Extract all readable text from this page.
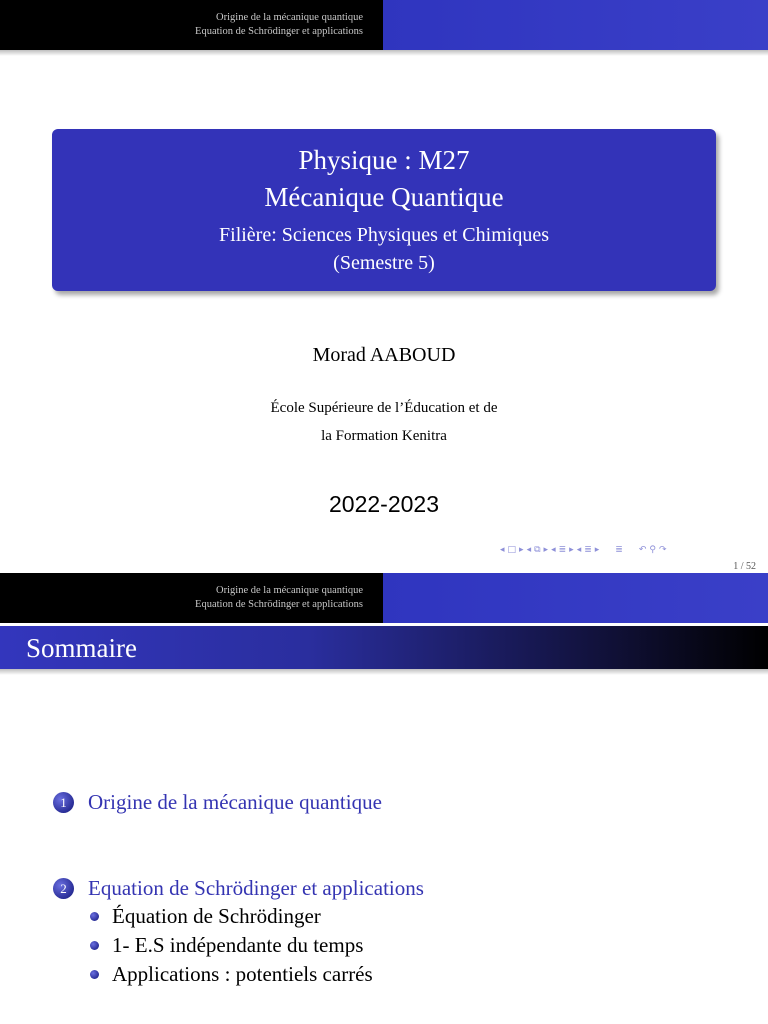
Origine de la mécanique quantique
Equation de Schrödinger et applications
Physique : M27
Mécanique Quantique
Filière: Sciences Physiques et Chimiques
(Semestre 5)
Morad AABOUD
École Supérieure de l’Éducation et de
la Formation Kenitra
2022-2023
◂ □ ▸ ◂ ⧉ ▸ ◂ ≣ ▸ ◂ ≣ ▸ ≣ ↶ ⚲ ↷
1 / 52
Origine de la mécanique quantique
Equation de Schrödinger et applications
Sommaire
1	Origine de la mécanique quantique
2	Equation de Schrödinger et applications
Équation de Schrödinger
1- E.S indépendante du temps
Applications : potentiels carrés
